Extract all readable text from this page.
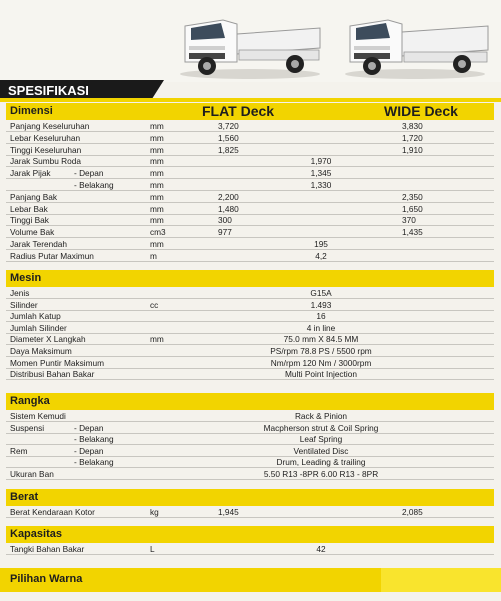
SPESIFIKASI
Dimensi	FLAT Deck	WIDE Deck
Panjang Keseluruhan	mm	3,720	3,830
Lebar Keseluruhan	mm	1,560	1,720
Tinggi Keseluruhan	mm	1,825	1,910
Jarak Sumbu Roda	mm	1,970
Jarak Pijak	- Depan	mm	1,345
- Belakang	mm	1,330
Panjang Bak	mm	2,200	2,350
Lebar Bak	mm	1,480	1,650
Tinggi Bak	mm	300	370
Volume Bak	cm3	977	1,435
Jarak Terendah	mm	195
Radius Putar Maximun	m	4,2
Mesin
Jenis	G15A
Silinder	cc	1.493
Jumlah Katup	16
Jumlah Silinder	4 in line
Diameter X Langkah	mm	75.0 mm X 84.5 MM
Daya Maksimum	PS/rpm 78.8 PS / 5500 rpm
Momen Puntir Maksimum	Nm/rpm 120 Nm / 3000rpm
Distribusi Bahan Bakar	Multi Point Injection
Rangka
Sistem Kemudi	Rack & Pinion
Suspensi	- Depan	Macpherson strut & Coil Spring
- Belakang	Leaf Spring
Rem	- Depan	Ventilated Disc
- Belakang	Drum, Leading & trailing
Ukuran Ban	5.50 R13 -8PR 6.00 R13 - 8PR
Berat
Berat Kendaraan Kotor	kg	1,945	2,085
Kapasitas
Tangki Bahan Bakar	L	42
Pilihan Warna
